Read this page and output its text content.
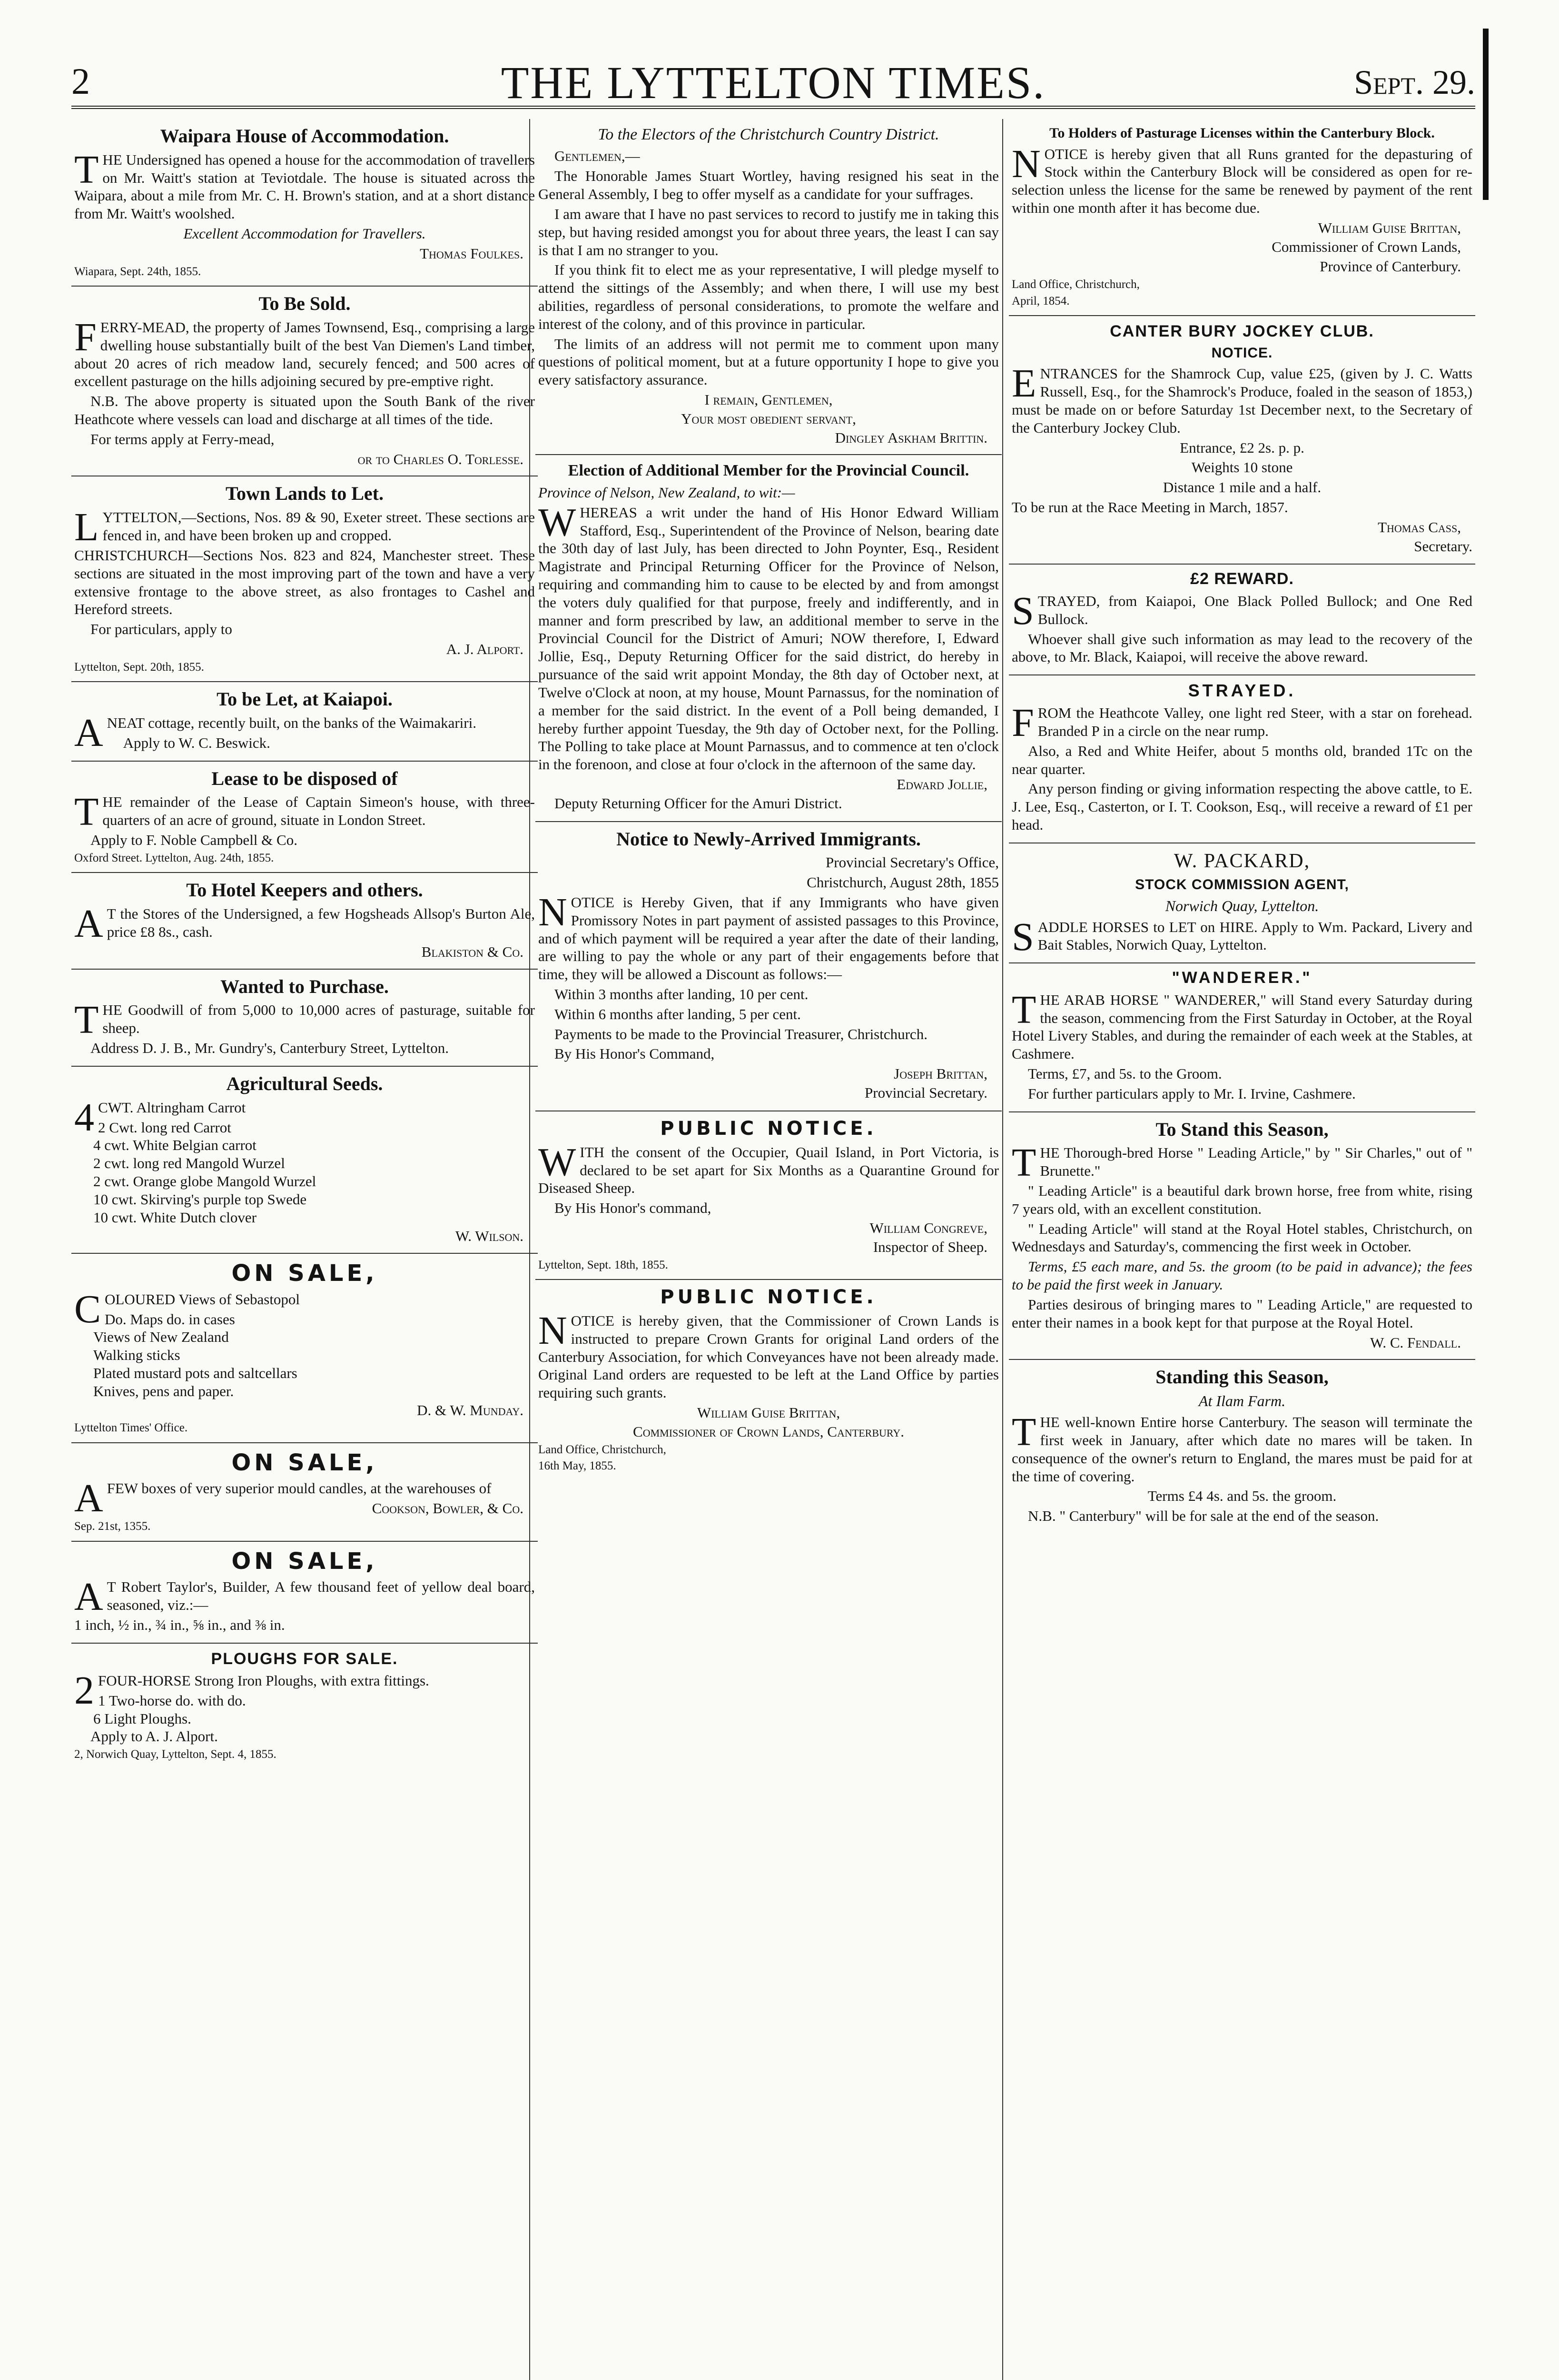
2	THE LYTTELTON TIMES.	Sept. 29.
Waipara House of Accommodation.

THE Undersigned has opened a house for the accommodation of travellers on Mr. Waitt's station at Teviotdale. The house is situated across the Waipara, about a mile from Mr. C. H. Brown's station, and at a short distance from Mr. Waitt's woolshed.

Excellent Accommodation for Travellers.

Thomas Foulkes.

Wiapara, Sept. 24th, 1855.
To Be Sold.

FERRY-MEAD, the property of James Townsend, Esq., comprising a large dwelling house substantially built of the best Van Diemen's Land timber, about 20 acres of rich meadow land, securely fenced; and 500 acres of excellent pasturage on the hills adjoining secured by pre-emptive right.

N.B. The above property is situated upon the South Bank of the river Heathcote where vessels can load and discharge at all times of the tide.

For terms apply at Ferry-mead,

or to Charles O. Torlesse.

Town Lands to Let.

LYTTELTON,—Sections, Nos. 89 & 90, Exeter street. These sections are fenced in, and have been broken up and cropped.

CHRISTCHURCH—Sections Nos. 823 and 824, Manchester street. These sections are situated in the most improving part of the town and have a very extensive frontage to the above street, as also frontages to Cashel and Hereford streets.

For particulars, apply to

A. J. Alport.

Lyttelton, Sept. 20th, 1855.
To be Let, at Kaiapoi.

ANEAT cottage, recently built, on the banks of the Waimakariri.

Apply to W. C. Beswick.

Lease to be disposed of

THE remainder of the Lease of Captain Simeon's house, with three-quarters of an acre of ground, situate in London Street.

Apply to F. Noble Campbell & Co.

Oxford Street. Lyttelton, Aug. 24th, 1855.
To Hotel Keepers and others.

A T the Stores of the Undersigned, a few Hogsheads Allsop's Burton Ale, price £8 8s., cash.

Blakiston & Co.

Wanted to Purchase.

THE Goodwill of from 5,000 to 10,000 acres of pasturage, suitable for sheep.

Address D. J. B., Mr. Gundry's, Canterbury Street, Lyttelton.

Agricultural Seeds.

4 CWT. Altringham Carrot

2 Cwt. long red Carrot
4 cwt. White Belgian carrot
2 cwt. long red Mangold Wurzel
2 cwt. Orange globe Mangold Wurzel
10 cwt. Skirving's purple top Swede
10 cwt. White Dutch clover

W. Wilson.

ON SALE,

COLOURED Views of Sebastopol

Do. Maps do. in cases
Views of New Zealand
Walking sticks
Plated mustard pots and saltcellars
Knives, pens and paper.

D. & W. Munday.

Lyttelton Times' Office.
ON SALE,

AFEW boxes of very superior mould candles, at the warehouses of

Cookson, Bowler, & Co.

Sep. 21st, 1355.
ON SALE,

A T Robert Taylor's, Builder, A few thousand feet of yellow deal board, seasoned, viz.:—

1 inch, ½ in., ¾ in., ⅝ in., and ⅜ in.

PLOUGHS FOR SALE.

2 FOUR-HORSE Strong Iron Ploughs, with extra fittings.

1 Two-horse do. with do.
6 Light Ploughs.

Apply to A. J. Alport.

2, Norwich Quay, Lyttelton, Sept. 4, 1855.
To the Electors of the Christchurch Country District.

Gentlemen,—

The Honorable James Stuart Wortley, having resigned his seat in the General Assembly, I beg to offer myself as a candidate for your suffrages.

I am aware that I have no past services to record to justify me in taking this step, but having resided amongst you for about three years, the least I can say is that I am no stranger to you.

If you think fit to elect me as your representative, I will pledge myself to attend the sittings of the Assembly; and when there, I will use my best abilities, regardless of personal considerations, to promote the welfare and interest of the colony, and of this province in particular.

The limits of an address will not permit me to comment upon many questions of political moment, but at a future opportunity I hope to give you every satisfactory assurance.

I remain, Gentlemen,

Your most obedient servant,

Dingley Askham Brittin.

Election of Additional Member for the Provincial Council.

Province of Nelson, New Zealand, to wit:—

WHEREAS a writ under the hand of His Honor Edward William Stafford, Esq., Superintendent of the Province of Nelson, bearing date the 30th day of last July, has been directed to John Poynter, Esq., Resident Magistrate and Principal Returning Officer for the Province of Nelson, requiring and commanding him to cause to be elected by and from amongst the voters duly qualified for that purpose, freely and indifferently, and in manner and form prescribed by law, an additional member to serve in the Provincial Council for the District of Amuri; NOW therefore, I, Edward Jollie, Esq., Deputy Returning Officer for the said district, do hereby in pursuance of the said writ appoint Monday, the 8th day of October next, at Twelve o'Clock at noon, at my house, Mount Parnassus, for the nomination of a member for the said district. In the event of a Poll being demanded, I hereby further appoint Tuesday, the 9th day of October next, for the Polling. The Polling to take place at Mount Parnassus, and to commence at ten o'clock in the forenoon, and close at four o'clock in the afternoon of the same day.

Edward Jollie,

Deputy Returning Officer for the Amuri District.

Notice to Newly-Arrived Immigrants.

Provincial Secretary's Office,

Christchurch, August 28th, 1855

NOTICE is Hereby Given, that if any Immigrants who have given Promissory Notes in part payment of assisted passages to this Province, and of which payment will be required a year after the date of their landing, are willing to pay the whole or any part of their engagements before that time, they will be allowed a Discount as follows:—

Within 3 months after landing, 10 per cent.

Within 6 months after landing, 5 per cent.

Payments to be made to the Provincial Treasurer, Christchurch.

By His Honor's Command,

Joseph Brittan,

Provincial Secretary.

PUBLIC NOTICE.

WITH the consent of the Occupier, Quail Island, in Port Victoria, is declared to be set apart for Six Months as a Quarantine Ground for Diseased Sheep.

By His Honor's command,

William Congreve,

Inspector of Sheep.

Lyttelton, Sept. 18th, 1855.
PUBLIC NOTICE.

NOTICE is hereby given, that the Commissioner of Crown Lands is instructed to prepare Crown Grants for original Land orders of the Canterbury Association, for which Conveyances have not been already made. Original Land orders are requested to be left at the Land Office by parties requiring such grants.

William Guise Brittan,

Commissioner of Crown Lands, Canterbury.

Land Office, Christchurch,
16th May, 1855.
To Holders of Pasturage Licenses within the Canterbury Block.

NOTICE is hereby given that all Runs granted for the depasturing of Stock within the Canterbury Block will be considered as open for re-selection unless the license for the same be renewed by payment of the rent within one month after it has become due.

William Guise Brittan,

Commissioner of Crown Lands,

Province of Canterbury.

Land Office, Christchurch,
April, 1854.
CANTER BURY JOCKEY CLUB.
NOTICE.

ENTRANCES for the Shamrock Cup, value £25, (given by J. C. Watts Russell, Esq., for the Shamrock's Produce, foaled in the season of 1853,) must be made on or before Saturday 1st December next, to the Secretary of the Canterbury Jockey Club.

Entrance, £2 2s. p. p.

Weights 10 stone

Distance 1 mile and a half.

To be run at the Race Meeting in March, 1857.

Thomas Cass,

Secretary.

£2 REWARD.

STRAYED, from Kaiapoi, One Black Polled Bullock; and One Red Bullock.

Whoever shall give such information as may lead to the recovery of the above, to Mr. Black, Kaiapoi, will receive the above reward.

STRAYED.

FROM the Heathcote Valley, one light red Steer, with a star on forehead. Branded P in a circle on the near rump.

Also, a Red and White Heifer, about 5 months old, branded 1Tc on the near quarter.

Any person finding or giving information respecting the above cattle, to E. J. Lee, Esq., Casterton, or I. T. Cookson, Esq., will receive a reward of £1 per head.

W. PACKARD,
STOCK COMMISSION AGENT,
Norwich Quay, Lyttelton.

SADDLE HORSES to LET on HIRE. Apply to Wm. Packard, Livery and Bait Stables, Norwich Quay, Lyttelton.

"WANDERER."

THE ARAB HORSE " WANDERER," will Stand every Saturday during the season, commencing from the First Saturday in October, at the Royal Hotel Livery Stables, and during the remainder of each week at the Stables, at Cashmere.

Terms, £7, and 5s. to the Groom.

For further particulars apply to Mr. I. Irvine, Cashmere.

To Stand this Season,

THE Thorough-bred Horse " Leading Article," by " Sir Charles," out of " Brunette."

" Leading Article" is a beautiful dark brown horse, free from white, rising 7 years old, with an excellent constitution.

" Leading Article" will stand at the Royal Hotel stables, Christchurch, on Wednesdays and Saturday's, commencing the first week in October.

Terms, £5 each mare, and 5s. the groom (to be paid in advance); the fees to be paid the first week in January.

Parties desirous of bringing mares to " Leading Article," are requested to enter their names in a book kept for that purpose at the Royal Hotel.

W. C. Fendall.

Standing this Season,
At Ilam Farm.

THE well-known Entire horse Canterbury. The season will terminate the first week in January, after which date no mares will be taken. In consequence of the owner's return to England, the mares must be paid for at the time of covering.

Terms £4 4s. and 5s. the groom.

N.B. " Canterbury" will be for sale at the end of the season.
